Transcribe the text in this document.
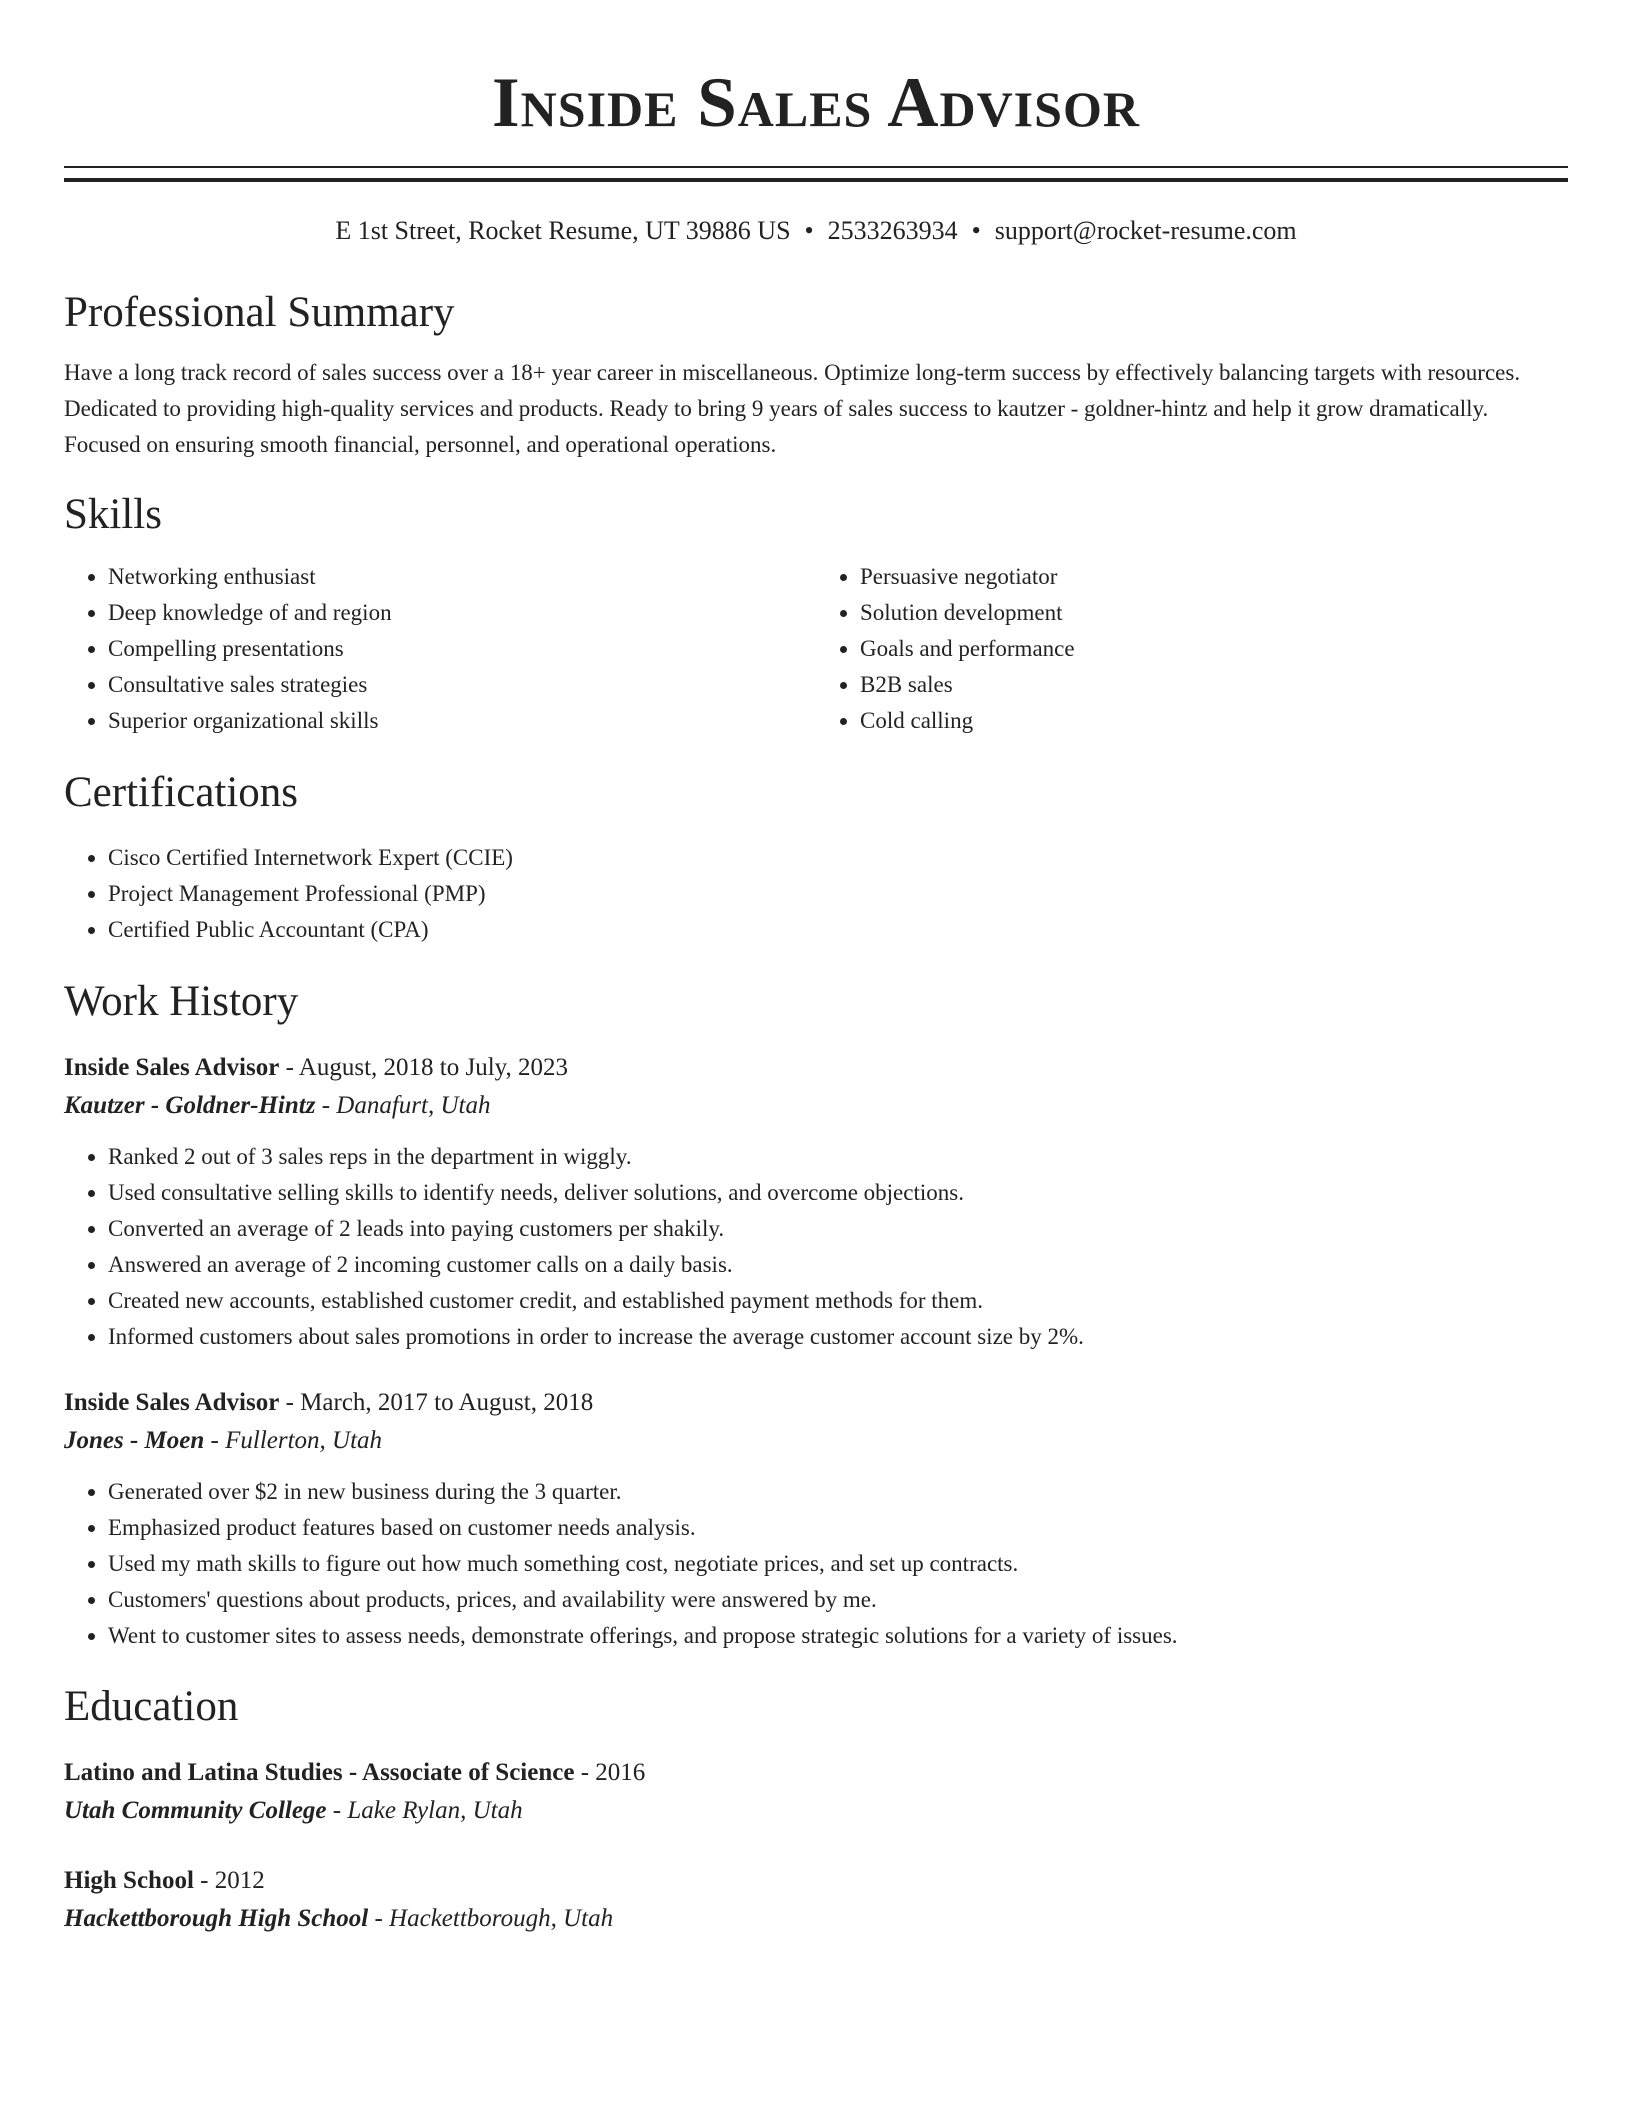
Inside Sales Advisor
E 1st Street, Rocket Resume, UT 39886 US • 2533263934 • support@rocket-resume.com
Professional Summary

Have a long track record of sales success over a 18+ year career in miscellaneous. Optimize long-term success by effectively balancing targets with resources. Dedicated to providing high-quality services and products. Ready to bring 9 years of sales success to kautzer - goldner-hintz and help it grow dramatically. Focused on ensuring smooth financial, personnel, and operational operations.

Skills
• Networking enthusiast
• Deep knowledge of and region
• Compelling presentations
• Consultative sales strategies
• Superior organizational skills
• Persuasive negotiator
• Solution development
• Goals and performance
• B2B sales
• Cold calling
Certifications
• Cisco Certified Internetwork Expert (CCIE)
• Project Management Professional (PMP)
• Certified Public Accountant (CPA)
Work History
Inside Sales Advisor - August, 2018 to July, 2023
Kautzer - Goldner-Hintz - Danafurt, Utah
• Ranked 2 out of 3 sales reps in the department in wiggly.
• Used consultative selling skills to identify needs, deliver solutions, and overcome objections.
• Converted an average of 2 leads into paying customers per shakily.
• Answered an average of 2 incoming customer calls on a daily basis.
• Created new accounts, established customer credit, and established payment methods for them.
• Informed customers about sales promotions in order to increase the average customer account size by 2%.
Inside Sales Advisor - March, 2017 to August, 2018
Jones - Moen - Fullerton, Utah
• Generated over $2 in new business during the 3 quarter.
• Emphasized product features based on customer needs analysis.
• Used my math skills to figure out how much something cost, negotiate prices, and set up contracts.
• Customers' questions about products, prices, and availability were answered by me.
• Went to customer sites to assess needs, demonstrate offerings, and propose strategic solutions for a variety of issues.
Education
Latino and Latina Studies - Associate of Science - 2016
Utah Community College - Lake Rylan, Utah
High School - 2012
Hackettborough High School - Hackettborough, Utah
